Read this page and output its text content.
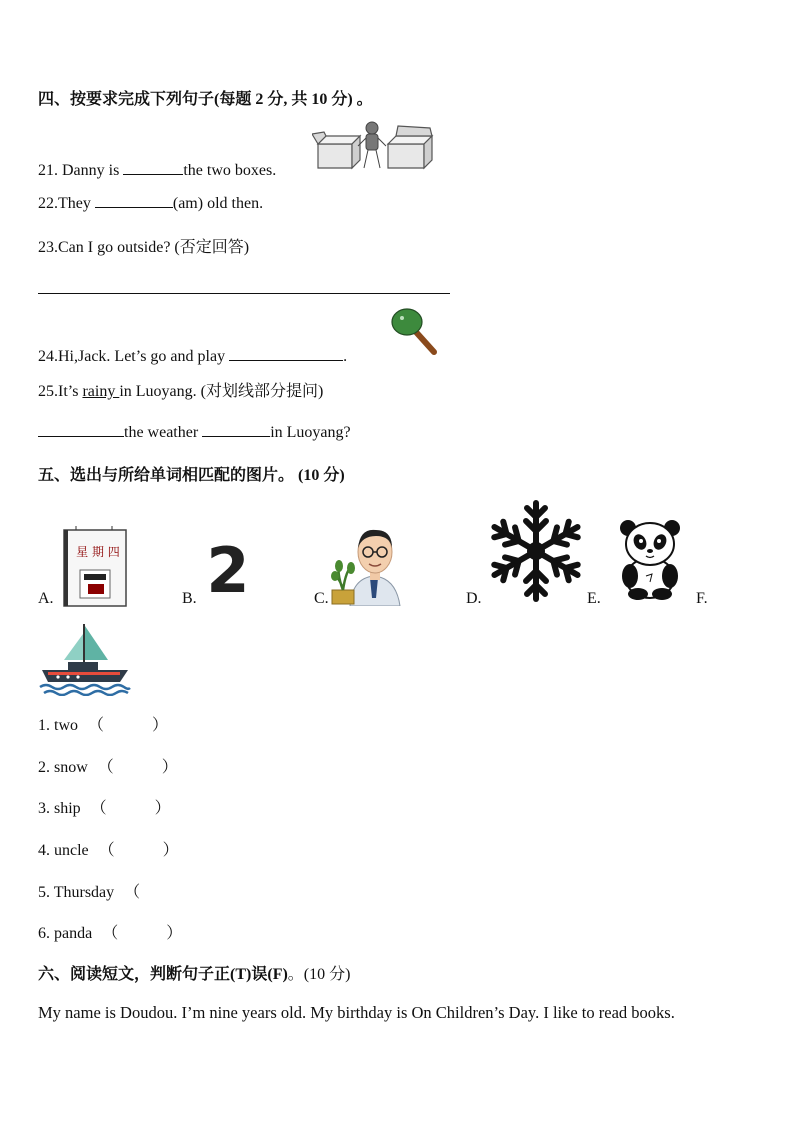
四、按要求完成下列句子(每题 2 分, 共 10 分) 。
21. Danny is	the two boxes.
22.They	(am) old then.
23.Can I go outside? (否定回答)
24.Hi,Jack. Let’s go and play	.
25.It’s rainy in Luoyang. (对划线部分提问)
the weather	in Luoyang?
五、选出与所给单词相匹配的图片。 (10 分)
A.	B.	C.	D.	E.	F.
星 期 四 2
1. two （　　　）
2. snow （　　　）
3. ship （　　　）
4. uncle （　　　）
5. Thursday （
6. panda （　　　）
六、阅读短文，判断句子正(T)误(F)。(10 分)
My name is Doudou. I’m nine years old. My birthday is On Children’s Day. I like to read books.
